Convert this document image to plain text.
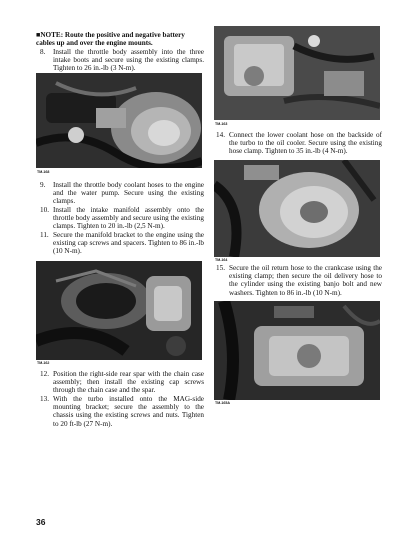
■NOTE: Route the positive and negative battery cables up and over the engine mounts.
8. Install the throttle body assembly into the three intake boots and secure using the existing clamps. Tighten to 26 in.-lb (3 N-m).
TM-168
9. Install the throttle body coolant hoses to the engine and the water pump. Secure using the existing clamps.
10. Install the intake manifold assembly onto the throttle body assembly and secure using the existing clamps. Tighten to 20 in.-lb (2,5 N-m).
11. Secure the manifold bracket to the engine using the existing cap screws and spacers. Tighten to 86 in.-lb (10 N-m).
TM-162
12. Position the right-side rear spar with the chain case assembly; then install the existing cap screws through the chain case and the spar.
13. With the turbo installed onto the MAG-side mounting bracket; secure the assembly to the chassis using the existing screws and nuts. Tighten to 20 ft-lb (27 N-m).
TM-163
14. Connect the lower coolant hose on the backside of the turbo to the oil cooler. Secure using the existing hose clamp. Tighten to 35 in.-lb (4 N-m).
TM-164
15. Secure the oil return hose to the crankcase using the existing clamp; then secure the oil delivery hose to the cylinder using the existing banjo bolt and new washers. Tighten to 86 in.-lb (10 N-m).
TM-165A
36
